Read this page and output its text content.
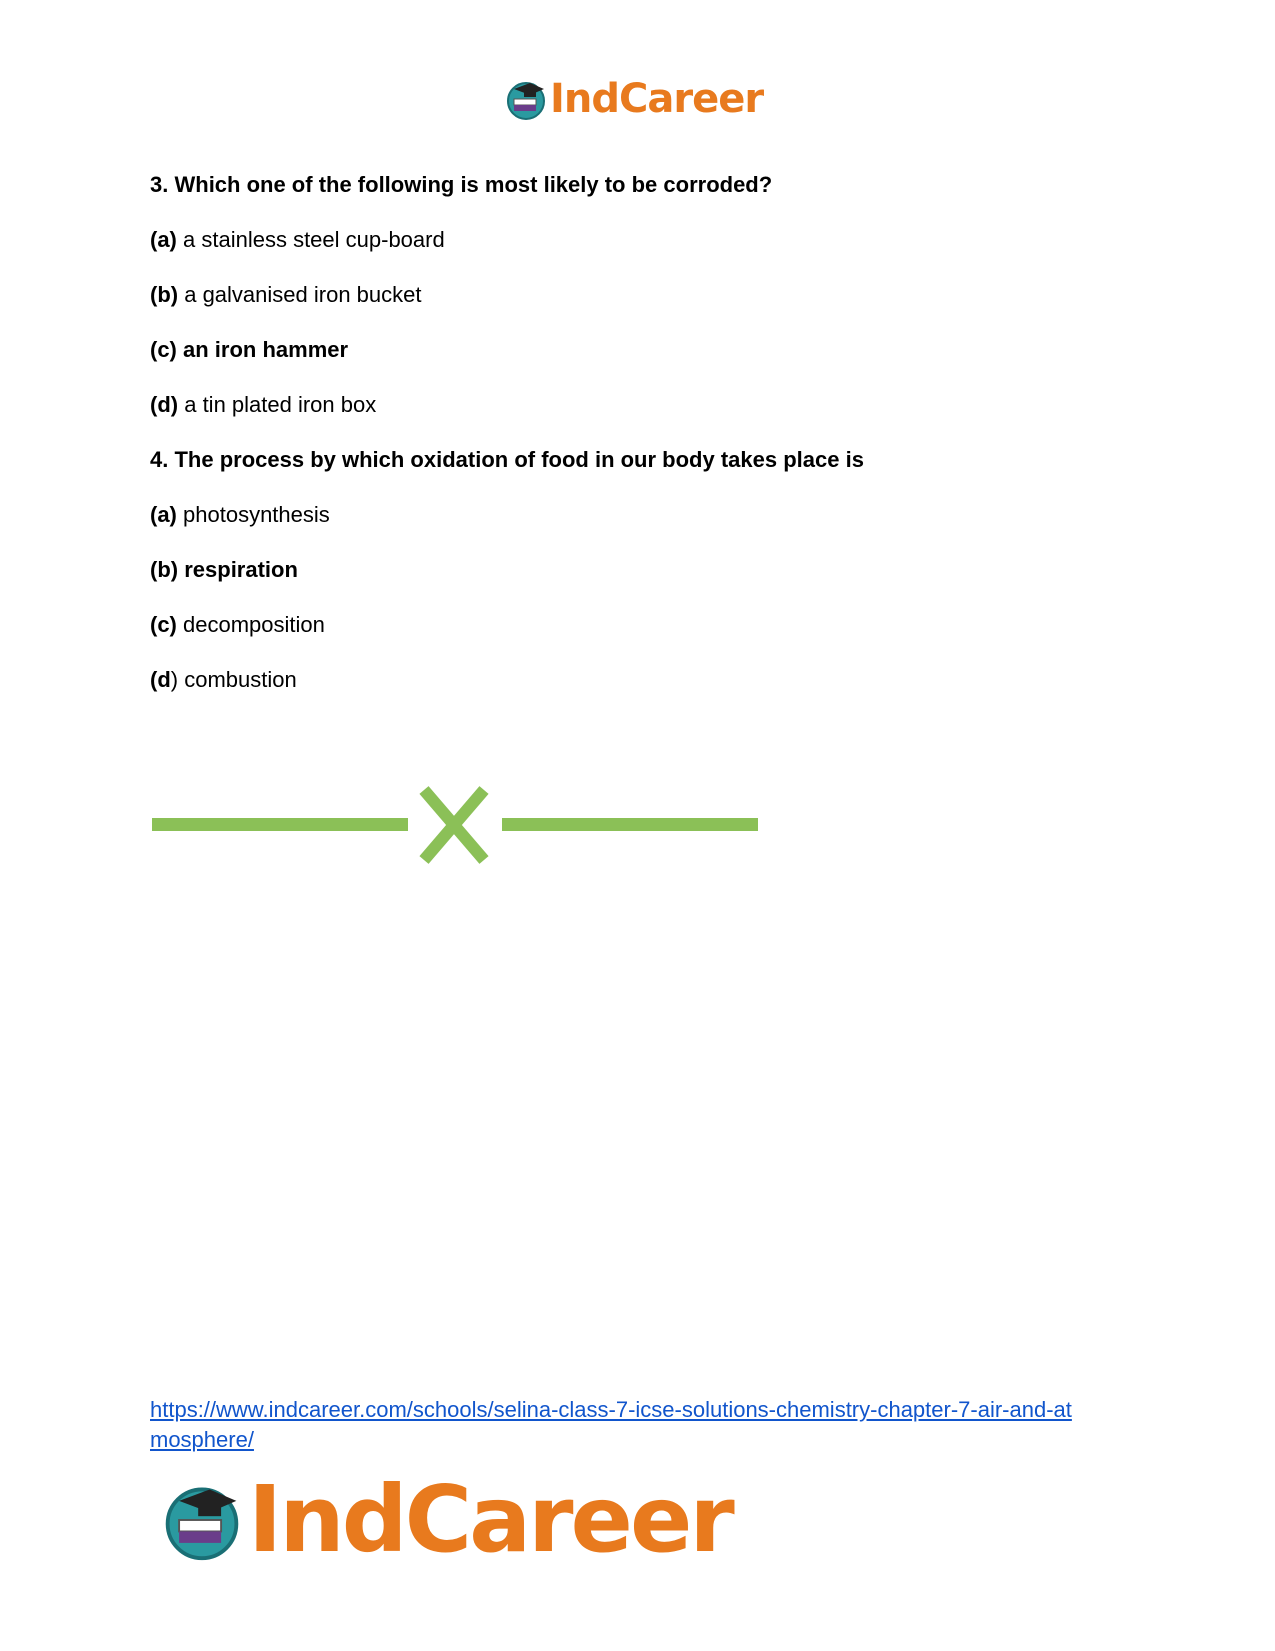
IndCareer
3. Which one of the following is most likely to be corroded?
(a) a stainless steel cup-board
(b) a galvanised iron bucket
(c) an iron hammer
(d) a tin plated iron box
4. The process by which oxidation of food in our body takes place is
(a) photosynthesis
(b) respiration
(c) decomposition
(d) combustion
https://www.indcareer.com/schools/selina-class-7-icse-solutions-chemistry-chapter-7-air-and-at
mosphere/
IndCareer
